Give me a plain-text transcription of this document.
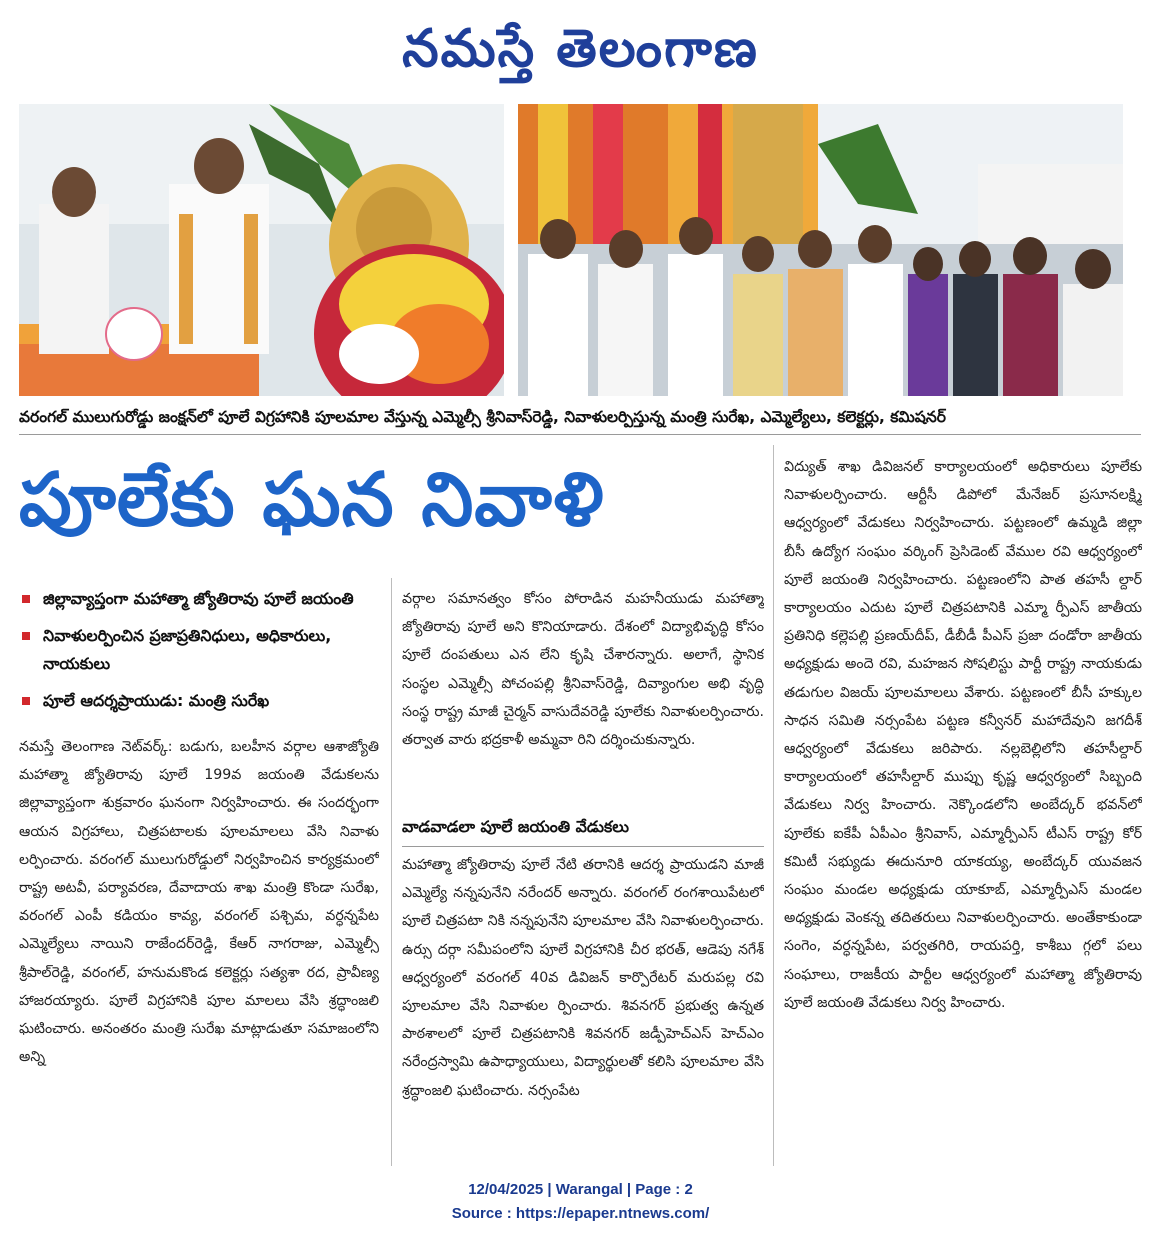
నమస్తే తెలంగాణ
వరంగల్ ములుగురోడ్డు జంక్షన్‌లో పూలే విగ్రహానికి పూలమాల వేస్తున్న ఎమ్మెల్సీ శ్రీనివాస్‌రెడ్డి, నివాళులర్పిస్తున్న మంత్రి సురేఖ, ఎమ్మెల్యేలు, కలెక్టర్లు, కమిషనర్
పూలేకు ఘన నివాళి
జిల్లావ్యాప్తంగా మహాత్మా జ్యోతిరావు పూలే జయంతి
నివాళులర్పించిన ప్రజాప్రతినిధులు, అధికారులు, నాయకులు
పూలే ఆదర్శప్రాయుడు: మంత్రి సురేఖ

నమస్తే తెలంగాణ నెట్‌వర్క్: బడుగు, బలహీన వర్గాల ఆశాజ్యోతి మహాత్మా జ్యోతిరావు పూలే 199వ జయంతి వేడుకలను జిల్లావ్యాప్తంగా శుక్రవారం ఘనంగా నిర్వహించారు. ఈ సందర్భంగా ఆయన విగ్రహాలు, చిత్రపటాలకు పూలమాలలు వేసి నివాళు లర్పించారు. వరంగల్ ములుగురోడ్డులో నిర్వహించిన కార్యక్రమంలో రాష్ట్ర అటవీ, పర్యావరణ, దేవాదాయ శాఖ మంత్రి కొండా సురేఖ, వరంగల్ ఎంపీ కడియం కావ్య, వరంగల్ పశ్చిమ, వర్ధన్నపేట ఎమ్మెల్యేలు నాయిని రాజేందర్‌రెడ్డి, కేఆర్ నాగరాజు, ఎమ్మెల్సీ శ్రీపాల్‌రెడ్డి, వరంగల్, హనుమకొండ కలెక్టర్లు సత్యశా రద, ప్రావీణ్య హాజరయ్యారు. పూలే విగ్రహానికి పూల మాలలు వేసి శ్రద్ధాంజలి ఘటించారు. అనంతరం మంత్రి సురేఖ మాట్లాడుతూ సమాజంలోని అన్ని

వర్గాల సమానత్వం కోసం పోరాడిన మహనీయుడు మహాత్మా జ్యోతిరావు పూలే అని కొనియాడారు. దేశంలో విద్యాభివృద్ధి కోసం పూలే దంపతులు ఎన లేని కృషి చేశారన్నారు. అలాగే, స్థానిక సంస్థల ఎమ్మెల్సీ పోచంపల్లి శ్రీనివాస్‌రెడ్డి, దివ్యాంగుల అభి వృద్ధి సంస్థ రాష్ట్ర మాజీ చైర్మన్ వాసుదేవరెడ్డి పూలేకు నివాళులర్పించారు. తర్వాత వారు భద్రకాళీ అమ్మవా రిని దర్శించుకున్నారు.

వాడవాడలా పూలే జయంతి వేడుకలు

మహాత్మా జ్యోతిరావు పూలే నేటి తరానికి ఆదర్శ ప్రాయుడని మాజీ ఎమ్మెల్యే నన్నపునేని నరేందర్ అన్నారు. వరంగల్ రంగశాయిపేటలో పూలే చిత్రపటా నికి నన్నపునేని పూలమాల వేసి నివాళులర్పించారు. ఉర్సు దర్గా సమీపంలోని పూలే విగ్రహానికి చీర భరత్, ఆడెపు నగేశ్ ఆధ్వర్యంలో వరంగల్ 40వ డివిజన్ కార్పొరేటర్ మరుపల్ల రవి పూలమాల వేసి నివాళుల ర్పించారు. శివనగర్ ప్రభుత్వ ఉన్నత పాఠశాలలో పూలే చిత్రపటానికి శివనగర్ జడ్పీహెచ్‌ఎస్ హెచ్‌ఎం నరేంద్రస్వామి ఉపాధ్యాయులు, విద్యార్థులతో కలిసి పూలమాల వేసి శ్రద్ధాంజలి ఘటించారు. నర్సంపేట

విద్యుత్ శాఖ డివిజనల్ కార్యాలయంలో అధికారులు పూలేకు నివాళులర్పించారు. ఆర్టీసీ డిపోలో మేనేజర్ ప్రసూనలక్ష్మి ఆధ్వర్యంలో వేడుకలు నిర్వహించారు. పట్టణంలో ఉమ్మడి జిల్లా బీసీ ఉద్యోగ సంఘం వర్కింగ్ ప్రెసిడెంట్ వేముల రవి ఆధ్వర్యంలో పూలే జయంతి నిర్వహించారు. పట్టణంలోని పాత తహసీ ల్దార్ కార్యాలయం ఎదుట పూలే చిత్రపటానికి ఎమ్మా ర్పీఎస్ జాతీయ ప్రతినిధి కల్లెపల్లి ప్రణయ్‌దీప్, డీబీడీ పీఎస్ ప్రజా దండోరా జాతీయ అధ్యక్షుడు అందె రవి, మహజన సోషలిస్టు పార్టీ రాష్ట్ర నాయకుడు తడుగుల విజయ్ పూలమాలలు వేశారు. పట్టణంలో బీసీ హక్కుల సాధన సమితి నర్సంపేట పట్టణ కన్వీనర్ మహాదేవుని జగదీశ్ ఆధ్వర్యంలో వేడుకలు జరిపారు. నల్లబెల్లిలోని తహసీల్దార్ కార్యాలయంలో తహసీల్దార్ ముప్పు కృష్ణ ఆధ్వర్యంలో సిబ్బంది వేడుకలు నిర్వ హించారు. నెక్కొండలోని అంబేద్కర్ భవన్‌లో పూలేకు ఐకేపీ ఏపీఎం శ్రీనివాస్, ఎమ్మార్పీఎస్ టీఎస్ రాష్ట్ర కోర్ కమిటీ సభ్యుడు ఈదునూరి యాకయ్య, అంబేద్కర్ యువజన సంఘం మండల అధ్యక్షుడు యాకూబ్, ఎమ్మార్పీఎస్ మండల అధ్యక్షుడు వెంకన్న తదితరులు నివాళులర్పించారు. అంతేకాకుండా సంగెం, వర్ధన్నపేట, పర్వతగిరి, రాయపర్తి, కాశీబు గ్గలో పలు సంఘాలు, రాజకీయ పార్టీల ఆధ్వర్యంలో మహాత్మా జ్యోతిరావు పూలే జయంతి వేడుకలు నిర్వ హించారు.

12/04/2025 | Warangal | Page : 2
Source : https://epaper.ntnews.com/
